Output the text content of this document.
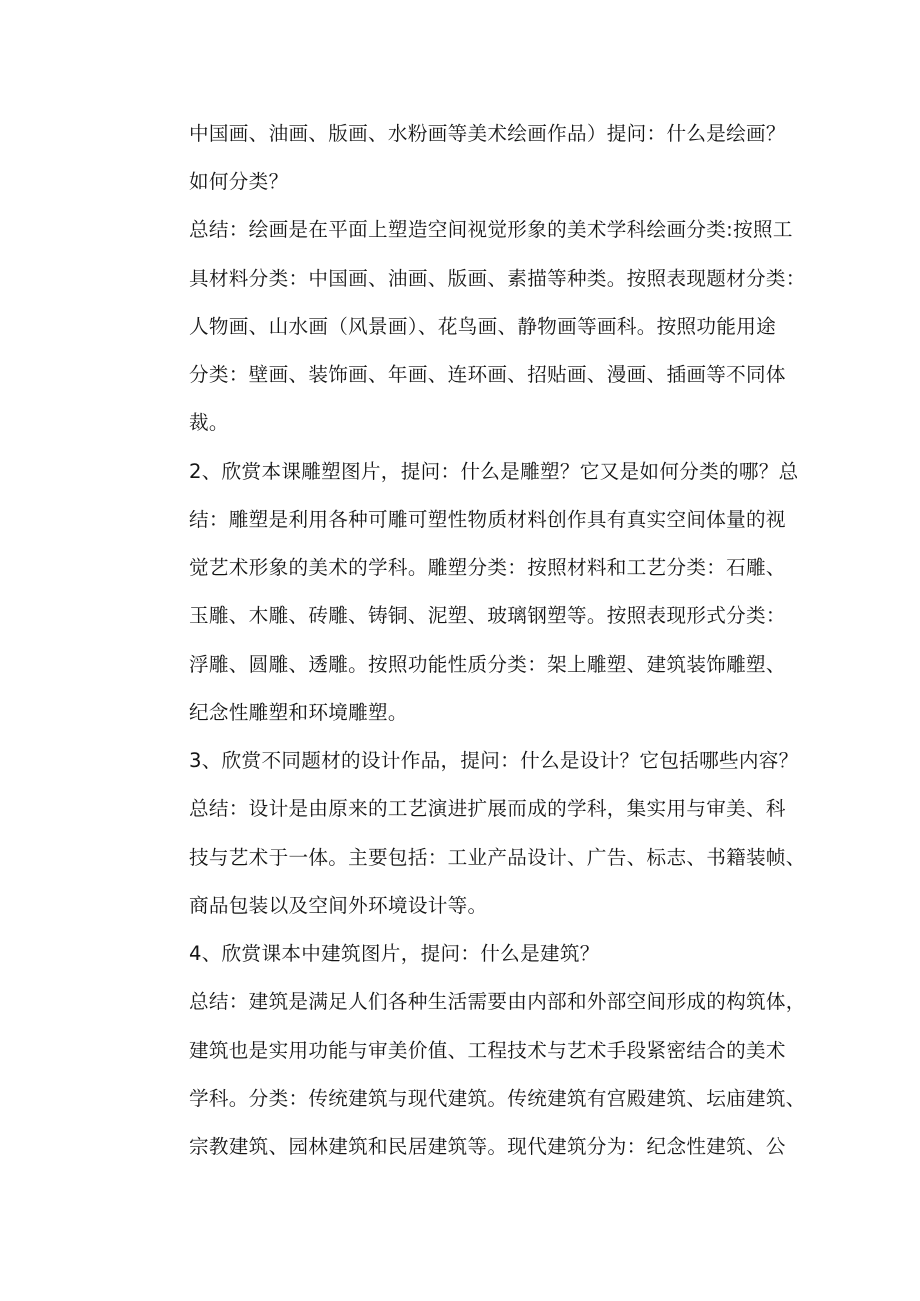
中国画、油画、版画、水粉画等美术绘画作品）提问：什么是绘画？
如何分类？
总结：绘画是在平面上塑造空间视觉形象的美术学科绘画分类:按照工
具材料分类：中国画、油画、版画、素描等种类。按照表现题材分类：
人物画、山水画（风景画）、花鸟画、静物画等画科。按照功能用途
分类：壁画、装饰画、年画、连环画、招贴画、漫画、插画等不同体
裁。
2、欣赏本课雕塑图片，提问：什么是雕塑？它又是如何分类的哪？总
结：雕塑是利用各种可雕可塑性物质材料创作具有真实空间体量的视
觉艺术形象的美术的学科。雕塑分类：按照材料和工艺分类：石雕、
玉雕、木雕、砖雕、铸铜、泥塑、玻璃钢塑等。按照表现形式分类：
浮雕、圆雕、透雕。按照功能性质分类：架上雕塑、建筑装饰雕塑、
纪念性雕塑和环境雕塑。
3、欣赏不同题材的设计作品，提问：什么是设计？它包括哪些内容？
总结：设计是由原来的工艺演进扩展而成的学科，集实用与审美、科
技与艺术于一体。主要包括：工业产品设计、广告、标志、书籍装帧、
商品包装以及空间外环境设计等。
4、欣赏课本中建筑图片，提问：什么是建筑？
总结：建筑是满足人们各种生活需要由内部和外部空间形成的构筑体，
建筑也是实用功能与审美价值、工程技术与艺术手段紧密结合的美术
学科。分类：传统建筑与现代建筑。传统建筑有宫殿建筑、坛庙建筑、
宗教建筑、园林建筑和民居建筑等。现代建筑分为：纪念性建筑、公
